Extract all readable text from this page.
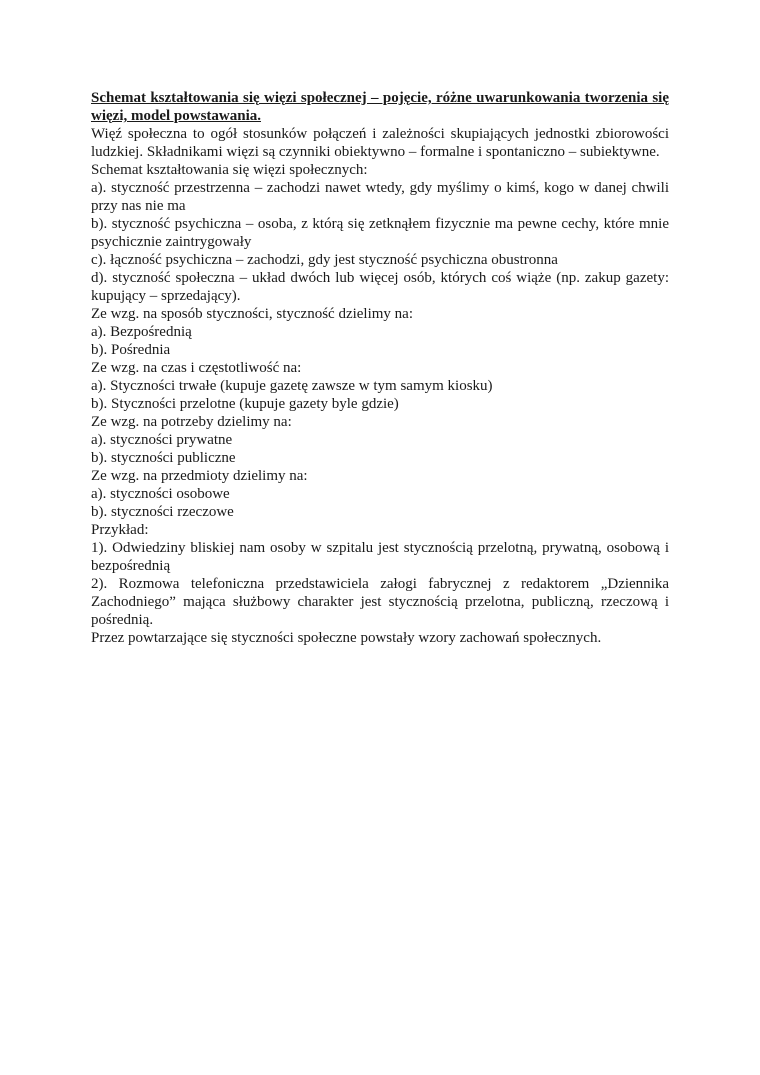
Schemat kształtowania się więzi społecznej – pojęcie, różne uwarunkowania tworzenia się więzi, model powstawania.

Więź społeczna to ogół stosunków połączeń i zależności skupiających jednostki zbiorowości ludzkiej. Składnikami więzi są czynniki obiektywno – formalne i spontaniczno – subiektywne.

Schemat kształtowania się więzi społecznych:

a). styczność przestrzenna – zachodzi nawet wtedy, gdy myślimy o kimś, kogo w danej chwili przy nas nie ma

b). styczność psychiczna – osoba, z którą się zetknąłem fizycznie ma pewne cechy, które mnie psychicznie zaintrygowały

c). łączność psychiczna – zachodzi, gdy jest styczność psychiczna obustronna

d). styczność społeczna – układ dwóch lub więcej osób, których coś wiąże (np. zakup gazety: kupujący – sprzedający).

Ze wzg. na sposób styczności, styczność dzielimy na:

a). Bezpośrednią

b). Pośrednia

Ze wzg. na czas i częstotliwość na:

a). Styczności trwałe (kupuje gazetę zawsze w tym samym kiosku)

b). Styczności przelotne (kupuje gazety byle gdzie)

Ze wzg. na potrzeby dzielimy na:

a). styczności prywatne

b). styczności publiczne

Ze wzg. na przedmioty dzielimy na:

a). styczności osobowe

b). styczności rzeczowe

Przykład:

1). Odwiedziny bliskiej nam osoby w szpitalu jest stycznością przelotną, prywatną, osobową i bezpośrednią

2). Rozmowa telefoniczna przedstawiciela załogi fabrycznej z redaktorem „Dziennika Zachodniego” mająca służbowy charakter jest stycznością przelotna, publiczną, rzeczową i pośrednią.

Przez powtarzające się styczności społeczne powstały wzory zachowań społecznych.
